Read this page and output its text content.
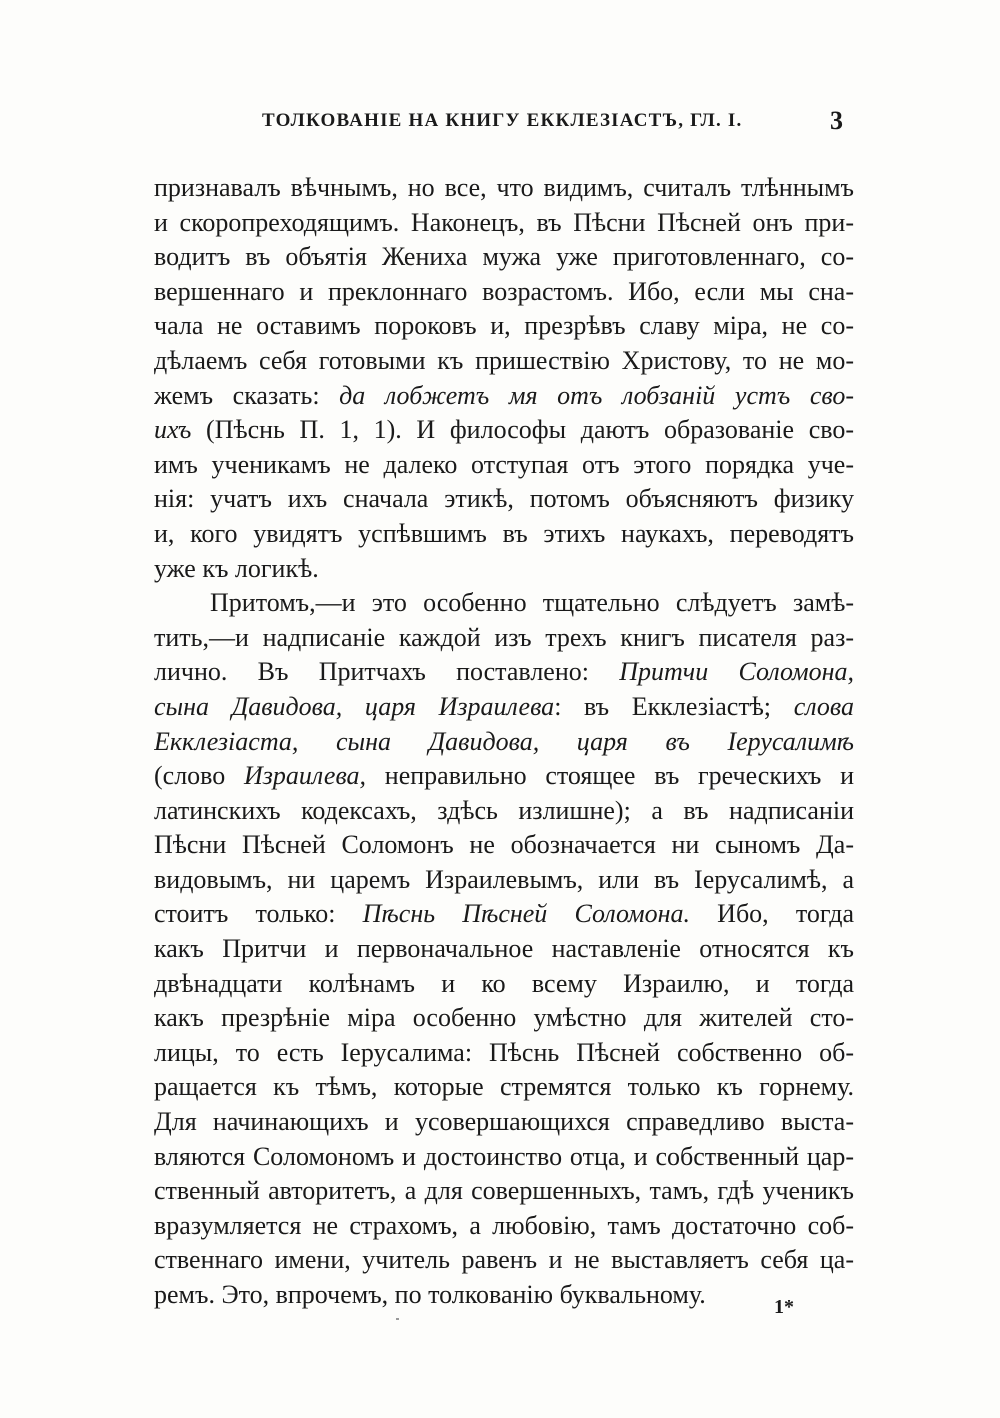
ТОЛКОВАНІЕ НА КНИГУ ЕККЛЕЗІАСТЪ, ГЛ. I.	3
признавалъ вѣчнымъ, но все, что видимъ, считалъ тлѣннымъ
и скоропреходящимъ. Наконецъ, въ Пѣсни Пѣсней онъ при-
водитъ въ объятія Жениха мужа уже приготовленнаго, со-
вершеннаго и преклоннаго возрастомъ. Ибо, если мы сна-
чала не оставимъ пороковъ и, презрѣвъ славу міра, не со-
дѣлаемъ себя готовыми къ пришествію Христову, то не мо-
жемъ сказать: да лобжетъ мя отъ лобзаній устъ сво-
ихъ (Пѣснь П. 1, 1). И философы даютъ образованіе сво-
имъ ученикамъ не далеко отступая отъ этого порядка уче-
нія: учатъ ихъ сначала этикѣ, потомъ объясняютъ физику
и, кого увидятъ успѣвшимъ въ этихъ наукахъ, переводятъ
уже къ логикѣ.
Притомъ,—и это особенно тщательно слѣдуетъ замѣ-
тить,—и надписаніе каждой изъ трехъ книгъ писателя раз-
лично. Въ Притчахъ поставлено: Притчи Соломона,
сына Давидова, царя Израилева: въ Екклезіастѣ; слова
Екклезіаста, сына Давидова, царя въ Іерусалимѣ
(слово Израилева, неправильно стоящее въ греческихъ и
латинскихъ кодексахъ, здѣсь излишне); а въ надписаніи
Пѣсни Пѣсней Соломонъ не обозначается ни сыномъ Да-
видовымъ, ни царемъ Израилевымъ, или въ Іерусалимѣ, а
стоитъ только: Пѣснь Пѣсней Соломона. Ибо, тогда
какъ Притчи и первоначальное наставленіе относятся къ
двѣнадцати колѣнамъ и ко всему Израилю, и тогда
какъ презрѣніе міра особенно умѣстно для жителей сто-
лицы, то есть Іерусалима: Пѣснь Пѣсней собственно об-
ращается къ тѣмъ, которые стремятся только къ горнему.
Для начинающихъ и усовершающихся справедливо выста-
вляются Соломономъ и достоинство отца, и собственный цар-
ственный авторитетъ, а для совершенныхъ, тамъ, гдѣ ученикъ
вразумляется не страхомъ, а любовію, тамъ достаточно соб-
ственнаго имени, учитель равенъ и не выставляетъ себя ца-
ремъ. Это, впрочемъ, по толкованію буквальному.	1*
